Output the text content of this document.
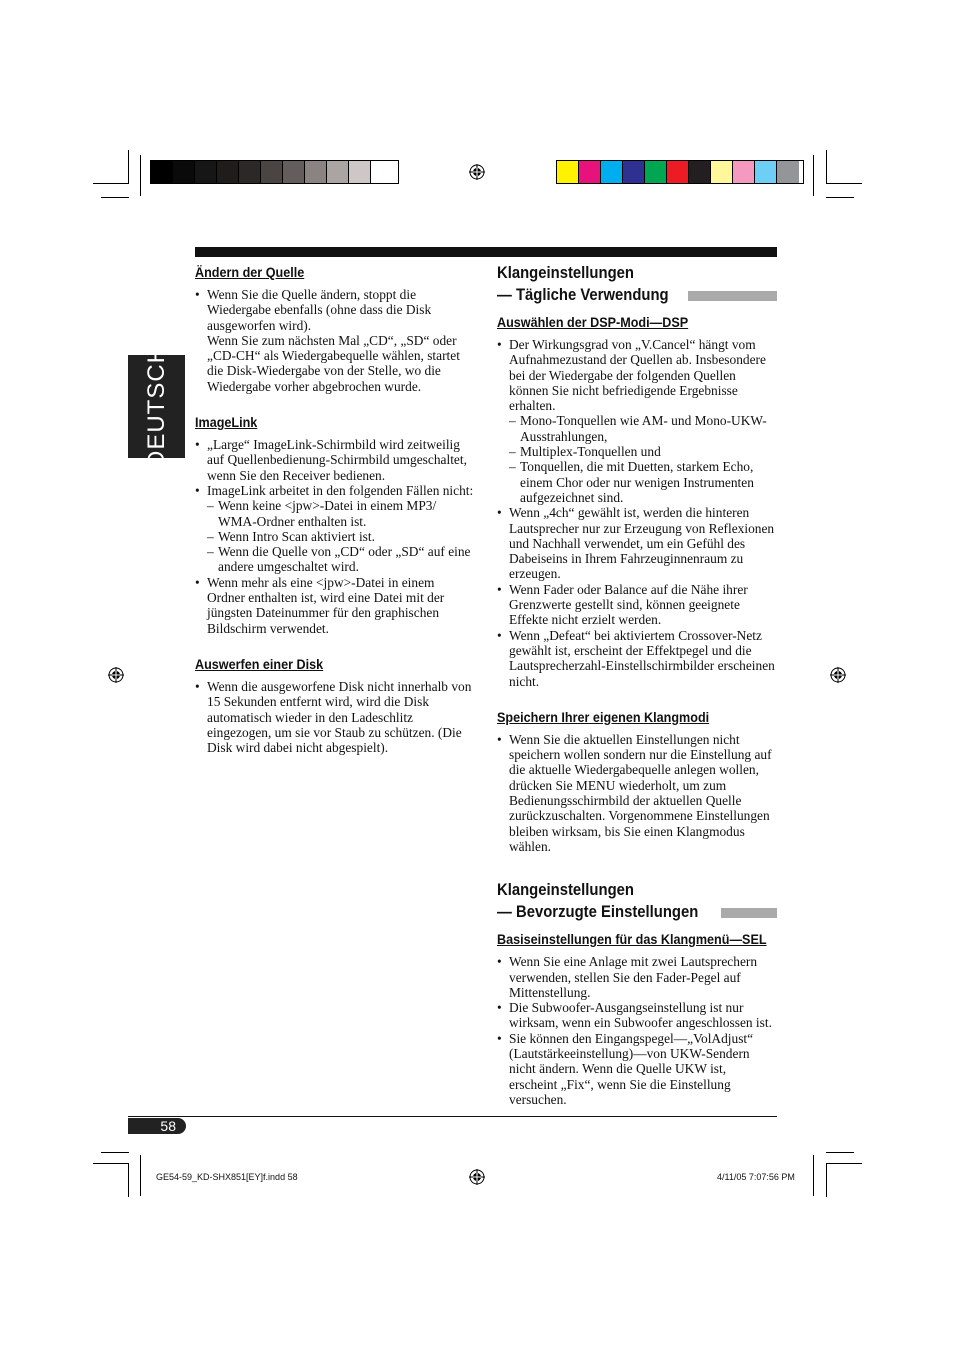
DEUTSCH
Ändern der Quelle
• Wenn Sie die Quelle ändern, stoppt die Wiedergabe ebenfalls (ohne dass die Disk ausgeworfen wird).
Wenn Sie zum nächsten Mal „CD“, „SD“ oder „CD-CH“ als Wiedergabequelle wählen, startet die Disk-Wiedergabe von der Stelle, wo die Wiedergabe vorher abgebrochen wurde.
ImageLink
• „Large“ ImageLink-Schirmbild wird zeitweilig auf Quellenbedienung-Schirmbild umgeschaltet, wenn Sie den Receiver bedienen.
• ImageLink arbeitet in den folgenden Fällen nicht:
– Wenn keine <jpw>-Datei in einem MP3/ WMA-Ordner enthalten ist.
– Wenn Intro Scan aktiviert ist.
– Wenn die Quelle von „CD“ oder „SD“ auf eine andere umgeschaltet wird.
• Wenn mehr als eine <jpw>-Datei in einem Ordner enthalten ist, wird eine Datei mit der jüngsten Dateinummer für den graphischen Bildschirm verwendet.
Auswerfen einer Disk
• Wenn die ausgeworfene Disk nicht innerhalb von 15 Sekunden entfernt wird, wird die Disk automatisch wieder in den Ladeschlitz eingezogen, um sie vor Staub zu schützen. (Die Disk wird dabei nicht abgespielt).
Klangeinstellungen
— Tägliche Verwendung
Auswählen der DSP-Modi—DSP
• Der Wirkungsgrad von „V.Cancel“ hängt vom Aufnahmezustand der Quellen ab. Insbesondere bei der Wiedergabe der folgenden Quellen können Sie nicht befriedigende Ergebnisse erhalten.
– Mono-Tonquellen wie AM- und Mono-UKW-Ausstrahlungen,
– Multiplex-Tonquellen und
– Tonquellen, die mit Duetten, starkem Echo, einem Chor oder nur wenigen Instrumenten aufgezeichnet sind.
• Wenn „4ch“ gewählt ist, werden die hinteren Lautsprecher nur zur Erzeugung von Reflexionen und Nachhall verwendet, um ein Gefühl des Dabeiseins in Ihrem Fahrzeuginnenraum zu erzeugen.
• Wenn Fader oder Balance auf die Nähe ihrer Grenzwerte gestellt sind, können geeignete Effekte nicht erzielt werden.
• Wenn „Defeat“ bei aktiviertem Crossover-Netz gewählt ist, erscheint der Effektpegel und die Lautsprecherzahl-Einstellschirmbilder erscheinen nicht.
Speichern Ihrer eigenen Klangmodi
• Wenn Sie die aktuellen Einstellungen nicht speichern wollen sondern nur die Einstellung auf die aktuelle Wiedergabequelle anlegen wollen, drücken Sie MENU wiederholt, um zum Bedienungsschirmbild der aktuellen Quelle zurückzuschalten. Vorgenommene Einstellungen bleiben wirksam, bis Sie einen Klangmodus wählen.
Klangeinstellungen
— Bevorzugte Einstellungen
Basiseinstellungen für das Klangmenü—SEL
• Wenn Sie eine Anlage mit zwei Lautsprechern verwenden, stellen Sie den Fader-Pegel auf Mittenstellung.
• Die Subwoofer-Ausgangseinstellung ist nur wirksam, wenn ein Subwoofer angeschlossen ist.
• Sie können den Eingangspegel—„VolAdjust“ (Lautstärkeeinstellung)—von UKW-Sendern nicht ändern. Wenn die Quelle UKW ist, erscheint „Fix“, wenn Sie die Einstellung versuchen.
58
GE54-59_KD-SHX851[EY]f.indd 58	4/11/05 7:07:56 PM
